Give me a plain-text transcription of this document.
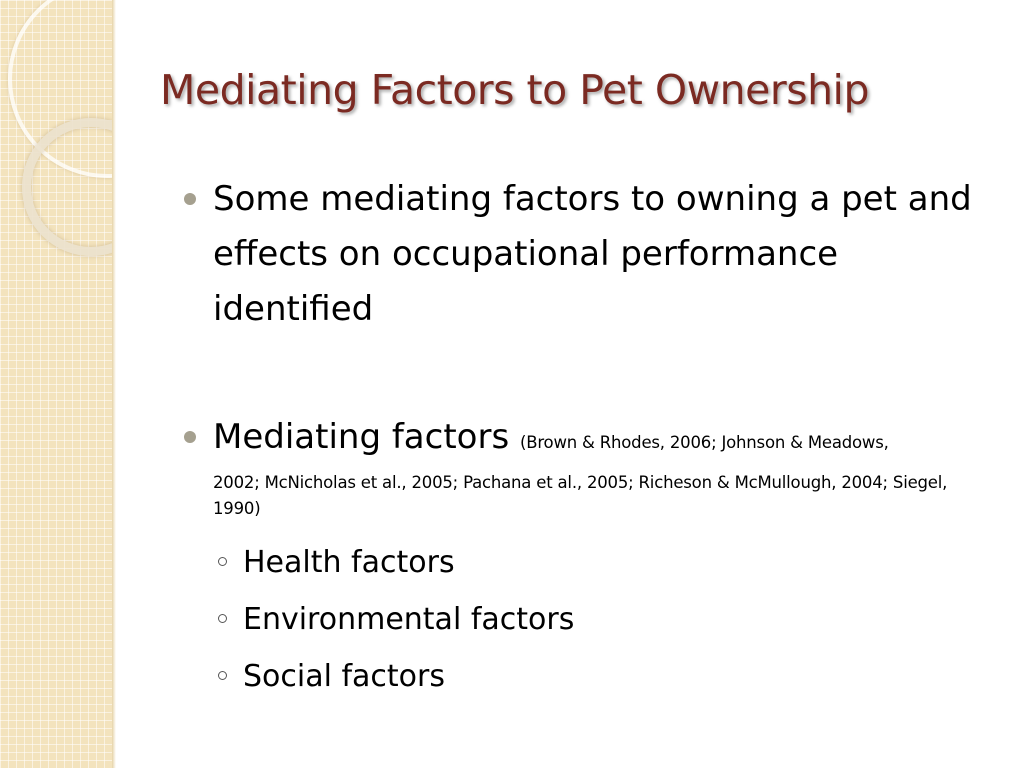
Mediating Factors to Pet Ownership
Some mediating factors to owning a pet and effects on occupational performance identified
Mediating factors (Brown & Rhodes, 2006; Johnson & Meadows,
2002; McNicholas et al., 2005; Pachana et al., 2005; Richeson & McMullough, 2004; Siegel, 1990)
Health factors
Environmental factors
Social factors
